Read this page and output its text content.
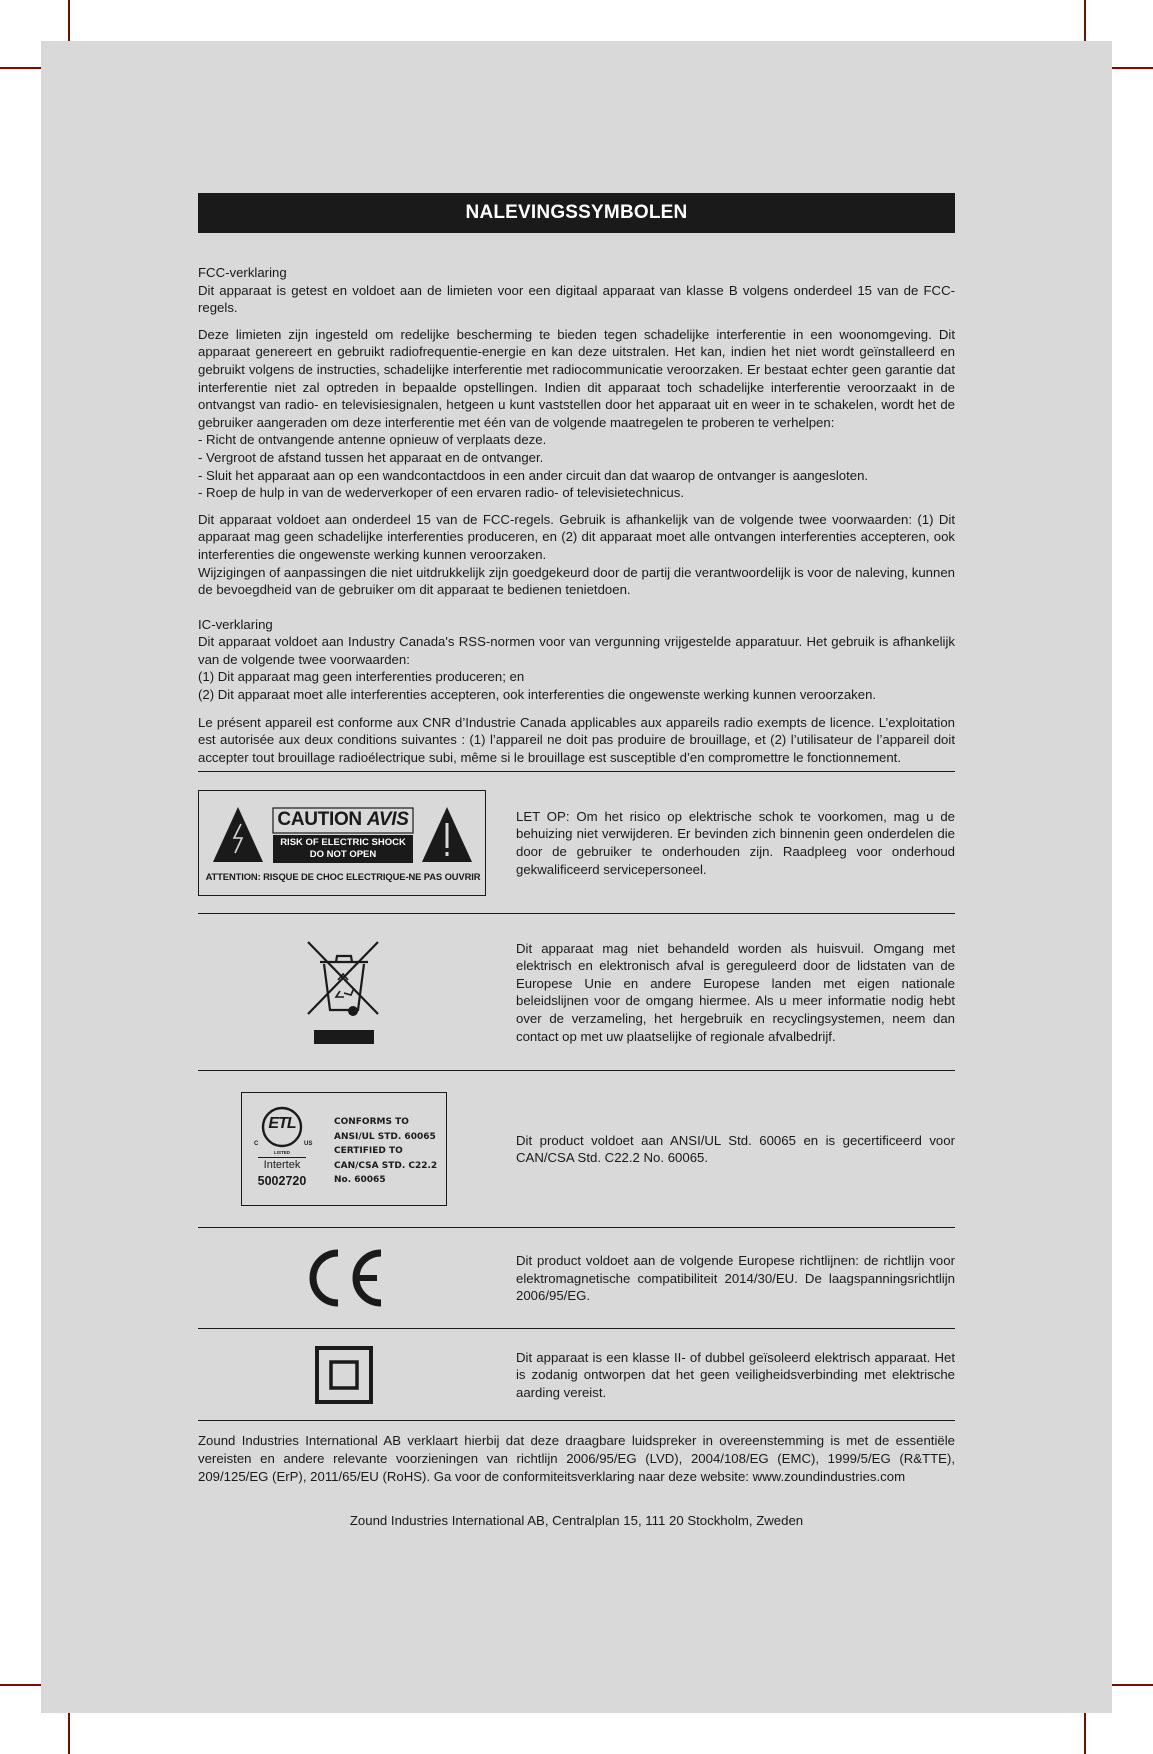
NALEVINGSSYMBOLEN

FCC-verklaring

Dit apparaat is getest en voldoet aan de limieten voor een digitaal apparaat van klasse B volgens onderdeel 15 van de FCC-regels.

Deze limieten zijn ingesteld om redelijke bescherming te bieden tegen schadelijke interferentie in een woonomgeving. Dit apparaat genereert en gebruikt radiofrequentie-energie en kan deze uitstralen. Het kan, indien het niet wordt geïnstalleerd en gebruikt volgens de instructies, schadelijke interferentie met radiocommunicatie veroorzaken. Er bestaat echter geen garantie dat interferentie niet zal optreden in bepaalde opstellingen. Indien dit apparaat toch schadelijke interferentie veroorzaakt in de ontvangst van radio- en televisiesignalen, hetgeen u kunt vaststellen door het apparaat uit en weer in te schakelen, wordt het de gebruiker aangeraden om deze interferentie met één van de volgende maatregelen te proberen te verhelpen:

- Richt de ontvangende antenne opnieuw of verplaats deze.

- Vergroot de afstand tussen het apparaat en de ontvanger.

- Sluit het apparaat aan op een wandcontactdoos in een ander circuit dan dat waarop de ontvanger is aangesloten.

- Roep de hulp in van de wederverkoper of een ervaren radio- of televisietechnicus.

Dit apparaat voldoet aan onderdeel 15 van de FCC-regels. Gebruik is afhankelijk van de volgende twee voorwaarden: (1) Dit apparaat mag geen schadelijke interferenties produceren, en (2) dit apparaat moet alle ontvangen interferenties accepteren, ook interferenties die ongewenste werking kunnen veroorzaken.

Wijzigingen of aanpassingen die niet uitdrukkelijk zijn goedgekeurd door de partij die verantwoordelijk is voor de naleving, kunnen de bevoegdheid van de gebruiker om dit apparaat te bedienen tenietdoen.

IC-verklaring

Dit apparaat voldoet aan Industry Canada's RSS-normen voor van vergunning vrijgestelde apparatuur. Het gebruik is afhankelijk van de volgende twee voorwaarden:

(1) Dit apparaat mag geen interferenties produceren; en

(2) Dit apparaat moet alle interferenties accepteren, ook interferenties die ongewenste werking kunnen veroorzaken.

Le présent appareil est conforme aux CNR d’Industrie Canada applicables aux appareils radio exempts de licence. L’exploitation est autorisée aux deux conditions suivantes : (1) l’appareil ne doit pas produire de brouillage, et (2) l’utilisateur de l’appareil doit accepter tout brouillage radioélectrique subi, même si le brouillage est susceptible d’en compromettre le fonctionnement.

CAUTION
AVIS
RISK OF ELECTRIC SHOCK
DO NOT OPEN
ATTENTION: RISQUE DE CHOC ELECTRIQUE-NE PAS OUVRIR

LET OP: Om het risico op elektrische schok te voorkomen, mag u de behuizing niet verwijderen. Er bevinden zich binnenin geen onderdelen die door de gebruiker te onderhouden zijn. Raadpleeg voor onderhoud gekwalificeerd servicepersoneel.

Dit apparaat mag niet behandeld worden als huisvuil. Omgang met elektrisch en elektronisch afval is gereguleerd door de lidstaten van de Europese Unie en andere Europese landen met eigen nationale beleidslijnen voor de omgang hiermee. Als u meer informatie nodig hebt over de verzameling, het hergebruik en recyclingsystemen, neem dan contact op met uw plaatselijke of regionale afvalbedrijf.

ETL
C	US
LISTED
Intertek
5002720
CONFORMS TO
ANSI/UL STD. 60065
CERTIFIED TO
CAN/CSA STD. C22.2
No. 60065

Dit product voldoet aan ANSI/UL Std. 60065 en is gecertificeerd voor CAN/CSA Std. C22.2 No. 60065.

Dit product voldoet aan de volgende Europese richtlijnen: de richtlijn voor elektromagnetische compatibiliteit 2014/30/EU. De laagspanningsrichtlijn 2006/95/EG.

Dit apparaat is een klasse II- of dubbel geïsoleerd elektrisch apparaat. Het is zodanig ontworpen dat het geen veiligheidsverbinding met elektrische aarding vereist.

Zound Industries International AB verklaart hierbij dat deze draagbare luidspreker in overeenstemming is met de essentiële vereisten en andere relevante voorzieningen van richtlijn 2006/95/EG (LVD), 2004/108/EG (EMC), 1999/5/EG (R&TTE), 209/125/EG (ErP), 2011/65/EU (RoHS). Ga voor de conformiteitsverklaring naar deze website: www.zoundindustries.com

Zound Industries International AB, Centralplan 15, 111 20 Stockholm, Zweden
